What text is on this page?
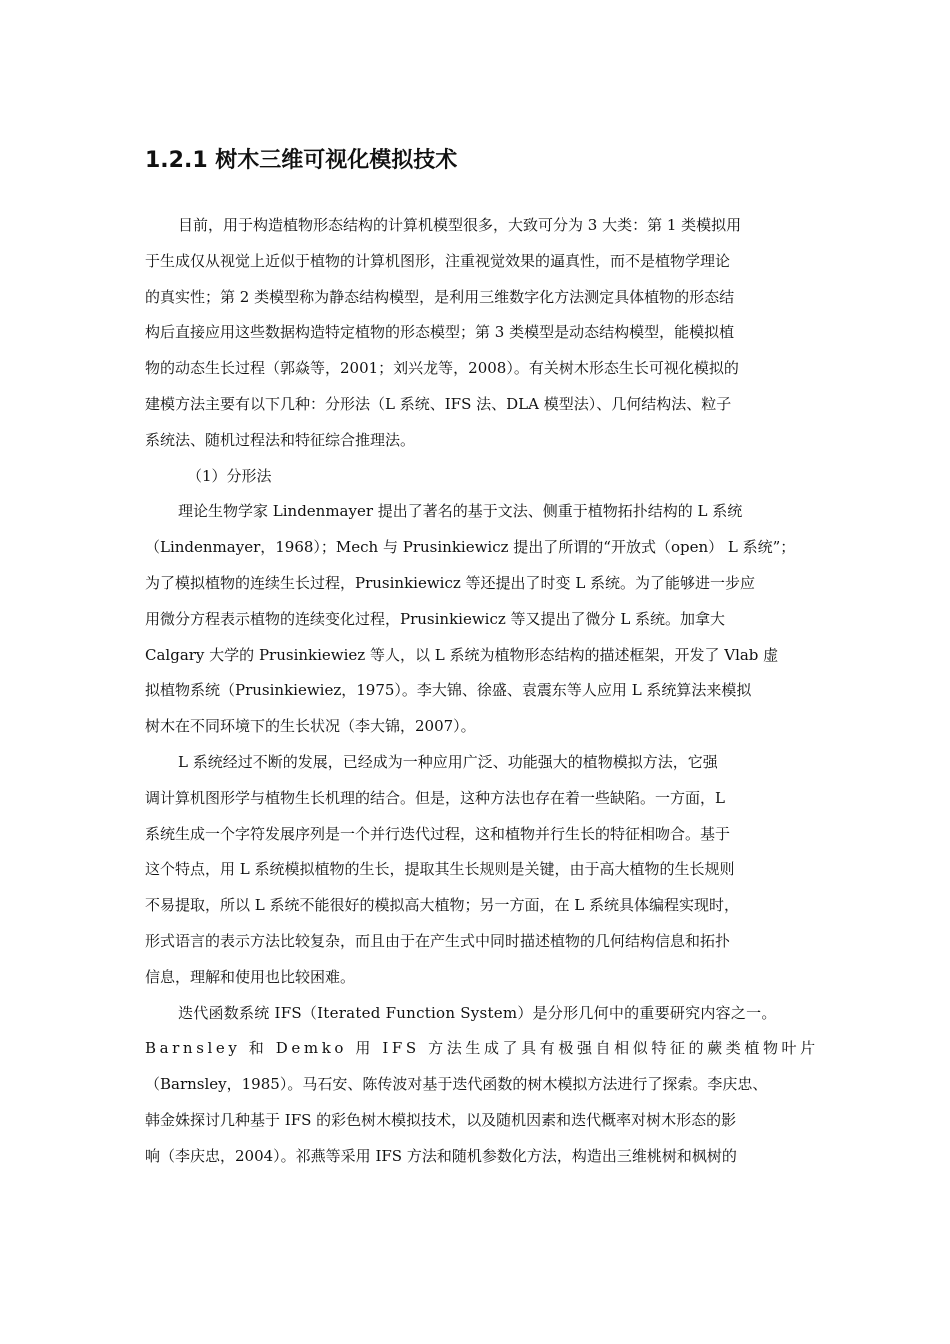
1.2.1 树木三维可视化模拟技术
目前，用于构造植物形态结构的计算机模型很多，大致可分为 3 大类：第 1 类模拟用
于生成仅从视觉上近似于植物的计算机图形，注重视觉效果的逼真性，而不是植物学理论
的真实性；第 2 类模型称为静态结构模型，是利用三维数字化方法测定具体植物的形态结
构后直接应用这些数据构造特定植物的形态模型；第 3 类模型是动态结构模型，能模拟植
物的动态生长过程（郭焱等，2001；刘兴龙等，2008）。有关树木形态生长可视化模拟的
建模方法主要有以下几种：分形法（L 系统、IFS 法、DLA 模型法）、几何结构法、粒子
系统法、随机过程法和特征综合推理法。
（1）分形法
理论生物学家 Lindenmayer 提出了著名的基于文法、侧重于植物拓扑结构的 L 系统
（Lindenmayer，1968）；Mech 与 Prusinkiewicz 提出了所谓的“开放式（open） L 系统”；
为了模拟植物的连续生长过程，Prusinkiewicz 等还提出了时变 L 系统。为了能够进一步应
用微分方程表示植物的连续变化过程，Prusinkiewicz 等又提出了微分 L 系统。加拿大
Calgary 大学的 Prusinkiewiez 等人，以 L 系统为植物形态结构的描述框架，开发了 Vlab 虚
拟植物系统（Prusinkiewiez，1975）。李大锦、徐盛、袁震东等人应用 L 系统算法来模拟
树木在不同环境下的生长状况（李大锦，2007）。
L 系统经过不断的发展，已经成为一种应用广泛、功能强大的植物模拟方法，它强
调计算机图形学与植物生长机理的结合。但是，这种方法也存在着一些缺陷。一方面，L
系统生成一个字符发展序列是一个并行迭代过程，这和植物并行生长的特征相吻合。基于
这个特点，用 L 系统模拟植物的生长，提取其生长规则是关键，由于高大植物的生长规则
不易提取，所以 L 系统不能很好的模拟高大植物；另一方面，在 L 系统具体编程实现时，
形式语言的表示方法比较复杂，而且由于在产生式中同时描述植物的几何结构信息和拓扑
信息，理解和使用也比较困难。
迭代函数系统 IFS（Iterated Function System）是分形几何中的重要研究内容之一。
Barnsley 和 Demko 用 IFS 方法生成了具有极强自相似特征的蕨类植物叶片
（Barnsley，1985）。马石安、陈传波对基于迭代函数的树木模拟方法进行了探索。李庆忠、
韩金姝探讨几种基于 IFS 的彩色树木模拟技术，以及随机因素和迭代概率对树木形态的影
响（李庆忠，2004）。祁燕等采用 IFS 方法和随机参数化方法，构造出三维桃树和枫树的
